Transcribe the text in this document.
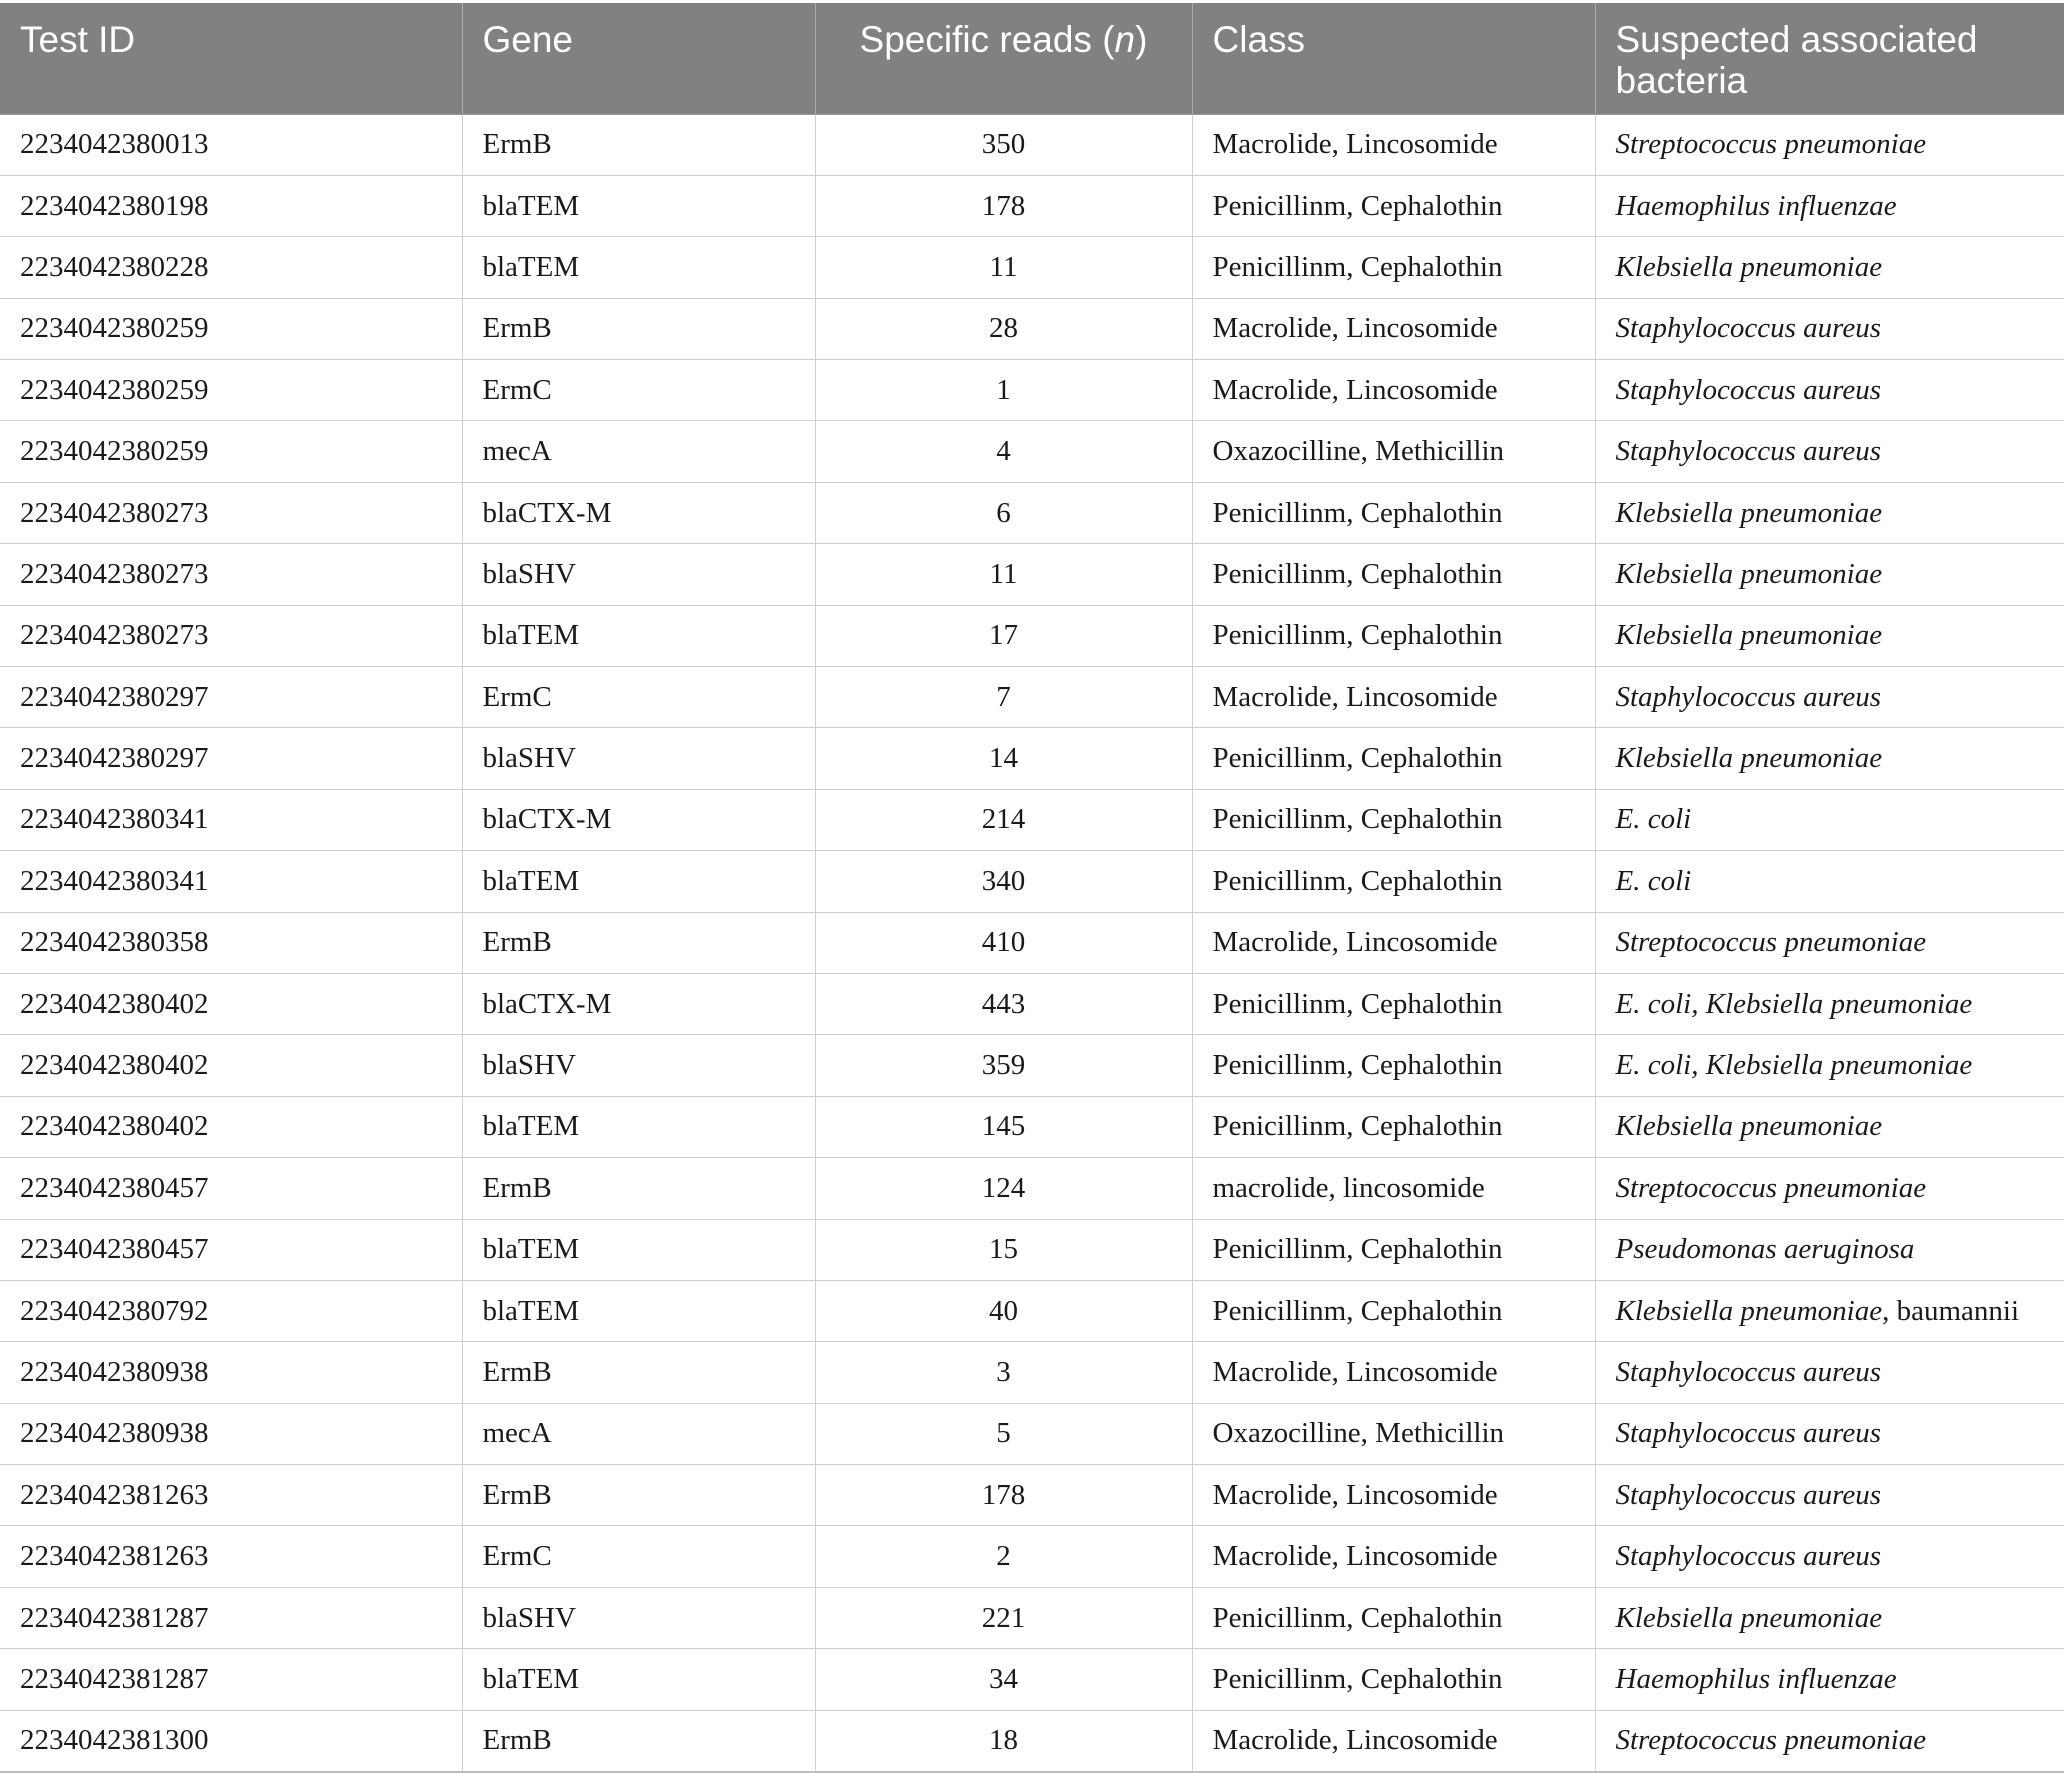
Test ID	Gene	Specific reads (n)	Class	Suspected associated bacteria
2234042380013	ErmB	350	Macrolide, Lincosomide	Streptococcus pneumoniae
2234042380198	blaTEM	178	Penicillinm, Cephalothin	Haemophilus influenzae
2234042380228	blaTEM	11	Penicillinm, Cephalothin	Klebsiella pneumoniae
2234042380259	ErmB	28	Macrolide, Lincosomide	Staphylococcus aureus
2234042380259	ErmC	1	Macrolide, Lincosomide	Staphylococcus aureus
2234042380259	mecA	4	Oxazocilline, Methicillin	Staphylococcus aureus
2234042380273	blaCTX-M	6	Penicillinm, Cephalothin	Klebsiella pneumoniae
2234042380273	blaSHV	11	Penicillinm, Cephalothin	Klebsiella pneumoniae
2234042380273	blaTEM	17	Penicillinm, Cephalothin	Klebsiella pneumoniae
2234042380297	ErmC	7	Macrolide, Lincosomide	Staphylococcus aureus
2234042380297	blaSHV	14	Penicillinm, Cephalothin	Klebsiella pneumoniae
2234042380341	blaCTX-M	214	Penicillinm, Cephalothin	E. coli
2234042380341	blaTEM	340	Penicillinm, Cephalothin	E. coli
2234042380358	ErmB	410	Macrolide, Lincosomide	Streptococcus pneumoniae
2234042380402	blaCTX-M	443	Penicillinm, Cephalothin	E. coli, Klebsiella pneumoniae
2234042380402	blaSHV	359	Penicillinm, Cephalothin	E. coli, Klebsiella pneumoniae
2234042380402	blaTEM	145	Penicillinm, Cephalothin	Klebsiella pneumoniae
2234042380457	ErmB	124	macrolide, lincosomide	Streptococcus pneumoniae
2234042380457	blaTEM	15	Penicillinm, Cephalothin	Pseudomonas aeruginosa
2234042380792	blaTEM	40	Penicillinm, Cephalothin	Klebsiella pneumoniae, baumannii
2234042380938	ErmB	3	Macrolide, Lincosomide	Staphylococcus aureus
2234042380938	mecA	5	Oxazocilline, Methicillin	Staphylococcus aureus
2234042381263	ErmB	178	Macrolide, Lincosomide	Staphylococcus aureus
2234042381263	ErmC	2	Macrolide, Lincosomide	Staphylococcus aureus
2234042381287	blaSHV	221	Penicillinm, Cephalothin	Klebsiella pneumoniae
2234042381287	blaTEM	34	Penicillinm, Cephalothin	Haemophilus influenzae
2234042381300	ErmB	18	Macrolide, Lincosomide	Streptococcus pneumoniae
